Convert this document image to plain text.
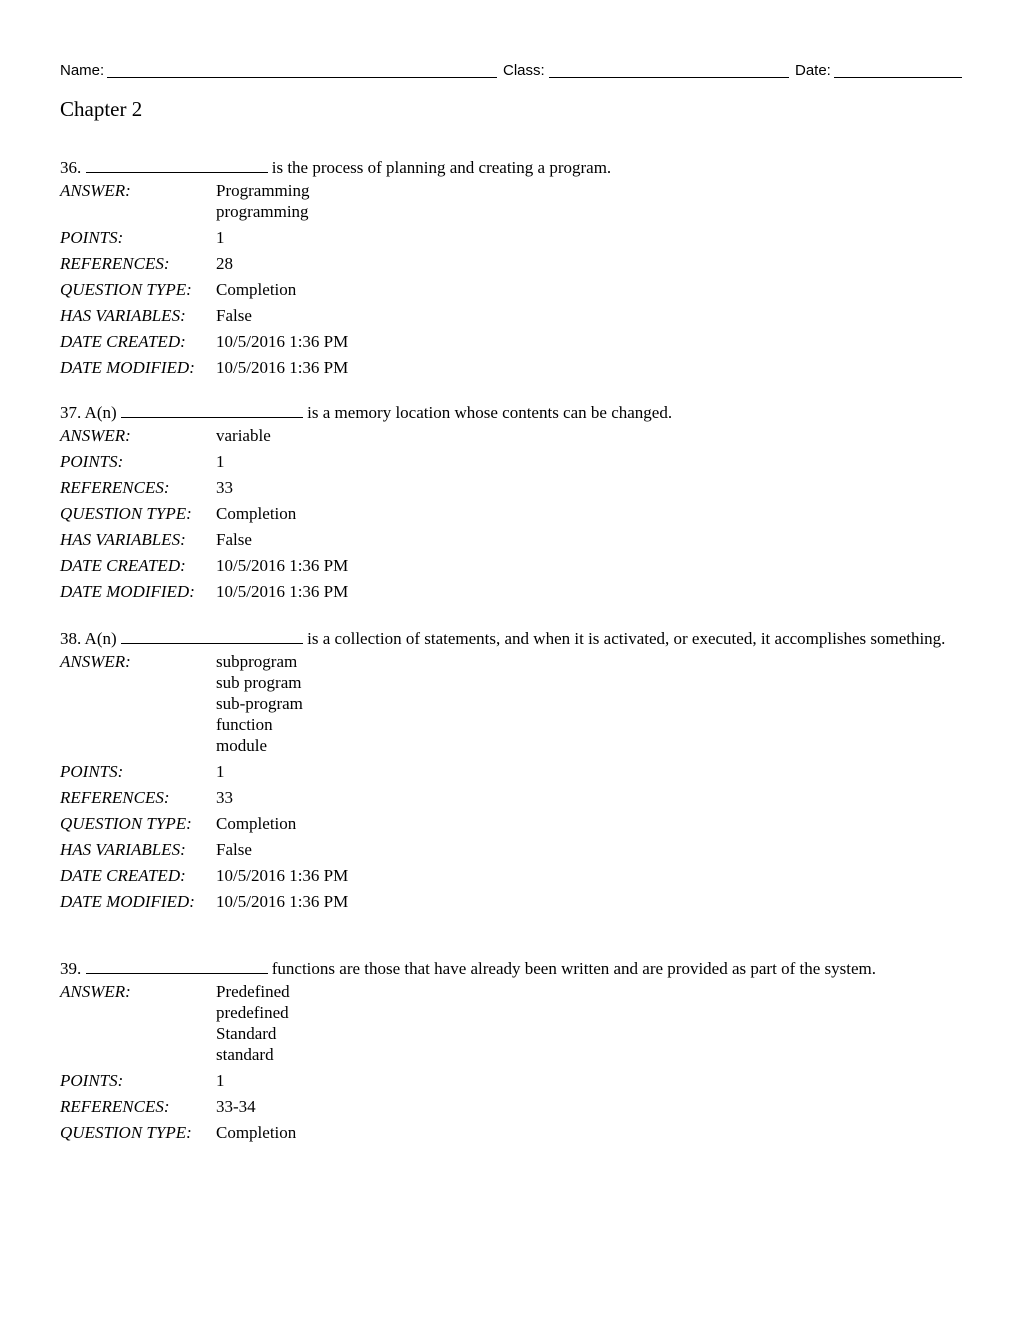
Name:	Class:	Date:
Chapter 2

36.	is the process of planning and creating a program.

ANSWER:	Programming
programming
POINTS:	1
REFERENCES:	28
QUESTION TYPE:	Completion
HAS VARIABLES:	False
DATE CREATED:	10/5/2016 1:36 PM
DATE MODIFIED:	10/5/2016 1:36 PM

37. A(n)	is a memory location whose contents can be changed.

ANSWER:	variable
POINTS:	1
REFERENCES:	33
QUESTION TYPE:	Completion
HAS VARIABLES:	False
DATE CREATED:	10/5/2016 1:36 PM
DATE MODIFIED:	10/5/2016 1:36 PM

38. A(n)	is a collection of statements, and when it is activated, or executed, it accomplishes something.

ANSWER:	subprogram
sub program
sub-program
function
module
POINTS:	1
REFERENCES:	33
QUESTION TYPE:	Completion
HAS VARIABLES:	False
DATE CREATED:	10/5/2016 1:36 PM
DATE MODIFIED:	10/5/2016 1:36 PM

39.	functions are those that have already been written and are provided as part of the system.

ANSWER:	Predefined
predefined
Standard
standard
POINTS:	1
REFERENCES:	33-34
QUESTION TYPE:	Completion
